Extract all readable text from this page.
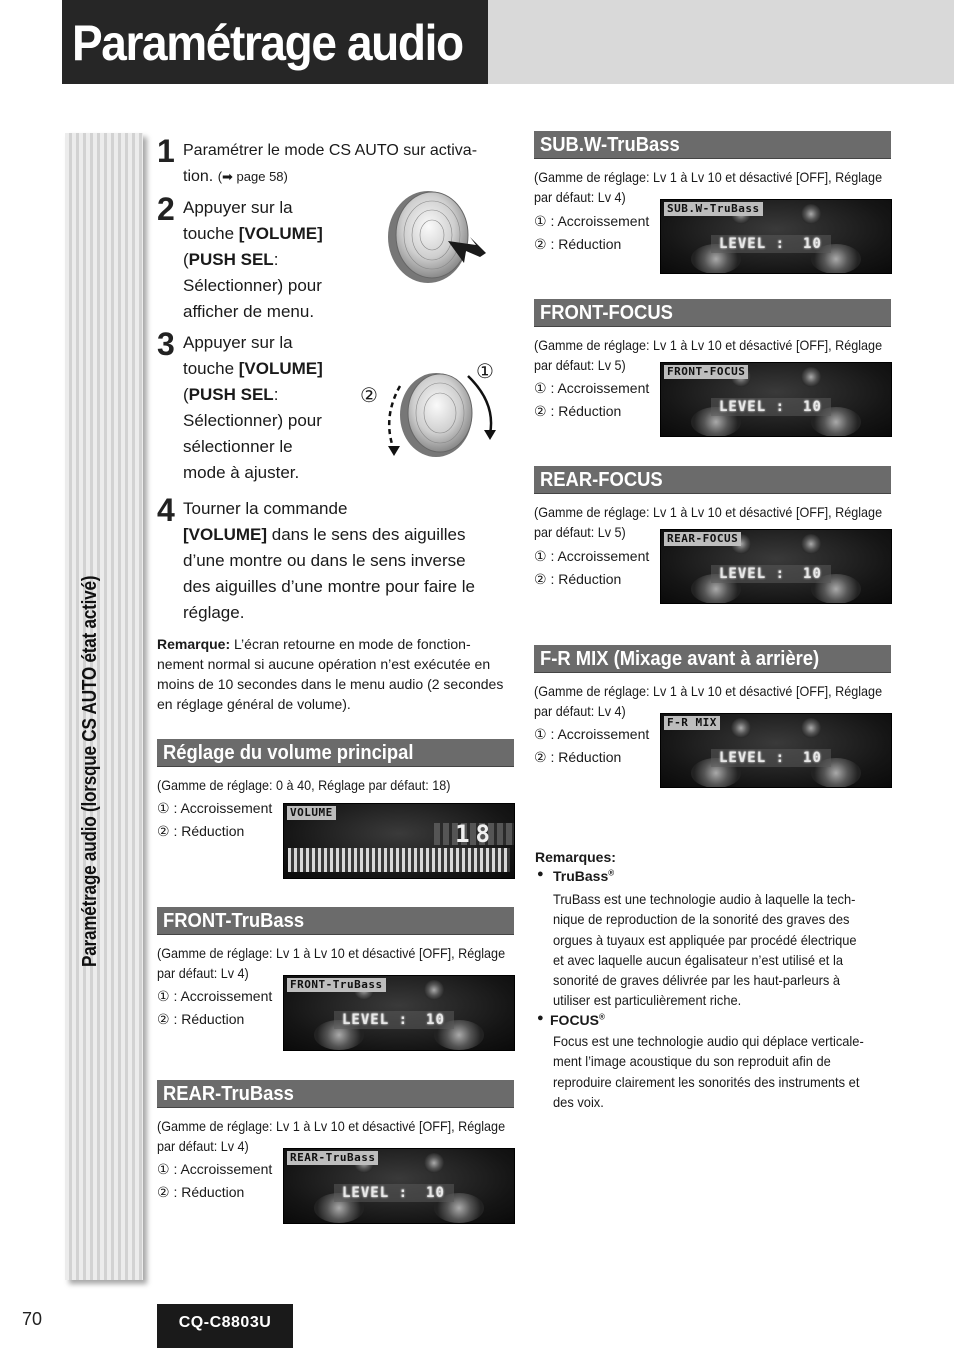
Paramétrage audio
Paramétrage audio (lorsque CS AUTO état activé)
1 Paramétrer le mode CS AUTO sur activa-
tion. (➡ page 58)
2 Appuyer sur la
touche [VOLUME]
(PUSH SEL:
Sélectionner) pour
afficher de menu.
3 Appuyer sur la
touche [VOLUME]
(PUSH SEL:
Sélectionner) pour
sélectionner le
mode à ajuster.
①
②
4 Tourner la commande
[VOLUME] dans le sens des aiguilles
d’une montre ou dans le sens inverse
des aiguilles d’une montre pour faire le
réglage.
Remarque: L’écran retourne en mode de fonction-
nement normal si aucune opération n’est exécutée en
moins de 10 secondes dans le menu audio (2 secondes
en réglage général de volume).
Réglage du volume principal
(Gamme de réglage: 0 à 40, Réglage par défaut: 18)
① : Accroissement
② : Réduction
VOLUME
18
FRONT-TruBass
(Gamme de réglage: Lv 1 à Lv 10 et désactivé [OFF], Réglage
par défaut: Lv 4)
① : Accroissement
② : Réduction
FRONT-TruBass
LEVEL : 10
REAR-TruBass
(Gamme de réglage: Lv 1 à Lv 10 et désactivé [OFF], Réglage
par défaut: Lv 4)
① : Accroissement
② : Réduction
REAR-TruBass
LEVEL : 10
SUB.W-TruBass
(Gamme de réglage: Lv 1 à Lv 10 et désactivé [OFF], Réglage
par défaut: Lv 4)
① : Accroissement
② : Réduction
SUB.W-TruBass
LEVEL : 10
FRONT-FOCUS
(Gamme de réglage: Lv 1 à Lv 10 et désactivé [OFF], Réglage
par défaut: Lv 5)
① : Accroissement
② : Réduction
FRONT-FOCUS
LEVEL : 10
REAR-FOCUS
(Gamme de réglage: Lv 1 à Lv 10 et désactivé [OFF], Réglage
par défaut: Lv 5)
① : Accroissement
② : Réduction
REAR-FOCUS
LEVEL : 10
F-R MIX (Mixage avant à arrière)
(Gamme de réglage: Lv 1 à Lv 10 et désactivé [OFF], Réglage
par défaut: Lv 4)
① : Accroissement
② : Réduction
F-R MIX
LEVEL : 10
Remarques:
● TruBass®
TruBass est une technologie audio à laquelle la tech-
nique de reproduction de la sonorité des graves des
orgues à tuyaux est appliquée par procédé électrique
et avec laquelle aucun égalisateur n’est utilisé et la
sonorité de graves délivrée par les haut-parleurs à
utiliser est particulièrement riche.
● FOCUS®
Focus est une technologie audio qui déplace verticale-
ment l’image acoustique du son reproduit afin de
reproduire clairement les sonorités des instruments et
des voix.
70	CQ-C8803U
